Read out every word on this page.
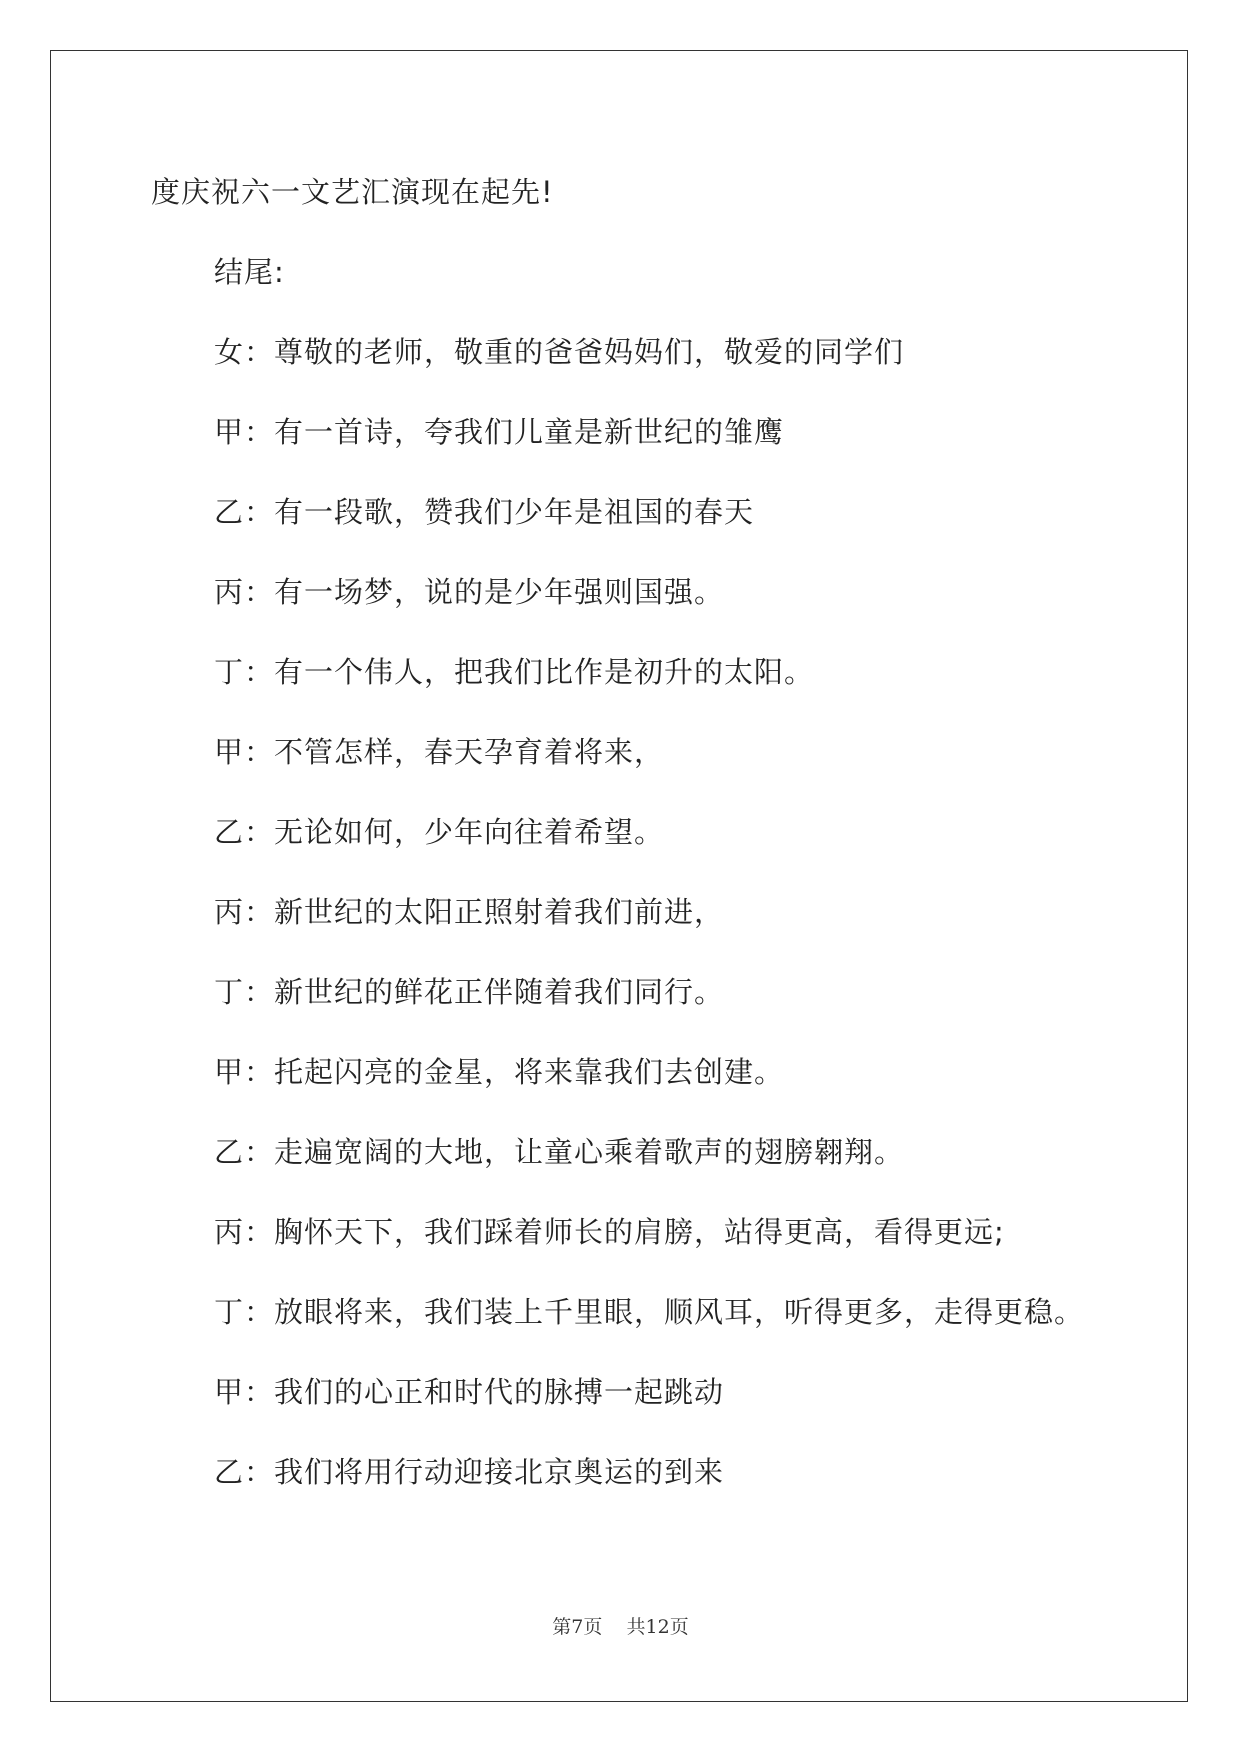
度庆祝六一文艺汇演现在起先!
结尾:
女：尊敬的老师，敬重的爸爸妈妈们，敬爱的同学们
甲：有一首诗，夸我们儿童是新世纪的雏鹰
乙：有一段歌，赞我们少年是祖国的春天
丙：有一场梦，说的是少年强则国强。
丁：有一个伟人，把我们比作是初升的太阳。
甲：不管怎样，春天孕育着将来，
乙：无论如何，少年向往着希望。
丙：新世纪的太阳正照射着我们前进，
丁：新世纪的鲜花正伴随着我们同行。
甲：托起闪亮的金星，将来靠我们去创建。
乙：走遍宽阔的大地，让童心乘着歌声的翅膀翱翔。
丙：胸怀天下，我们踩着师长的肩膀，站得更高，看得更远;
丁：放眼将来，我们装上千里眼，顺风耳，听得更多，走得更稳。
甲：我们的心正和时代的脉搏一起跳动
乙：我们将用行动迎接北京奥运的到来
第7页 共12页
